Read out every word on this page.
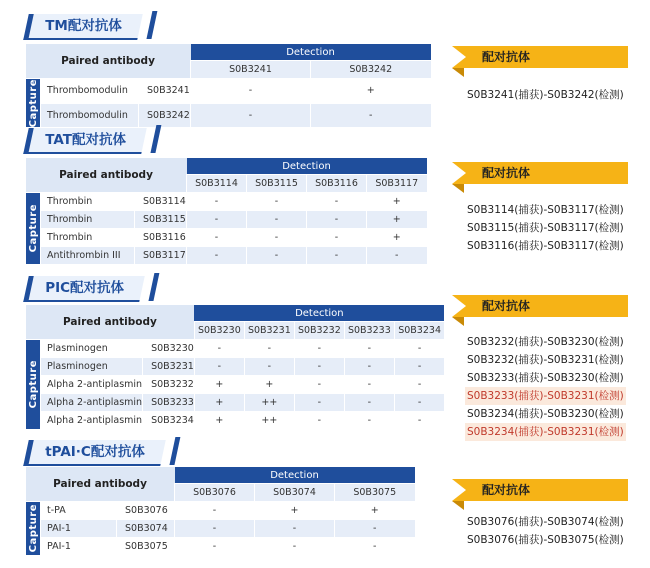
TM配对抗体
Paired antibody			Detection	
			S0B3241	S0B3242

Capture	Thrombomodulin	S0B3241	-	+
	Thrombomodulin	S0B3242	-	-
配对抗体
S0B3241(捕获)-S0B3242(检测)
TAT配对抗体
Paired antibody			Detection			
			S0B3114	S0B3115	S0B3116	S0B3117

Capture	Thrombin	S0B3114	-	-	-	+
	Thrombin	S0B3115	-	-	-	+
	Thrombin	S0B3116	-	-	-	+
	Antithrombin III	S0B3117	-	-	-	-
配对抗体
S0B3114(捕获)-S0B3117(检测)
S0B3115(捕获)-S0B3117(检测)
S0B3116(捕获)-S0B3117(检测)
PIC配对抗体
Paired antibody			Detection				
			S0B3230	S0B3231	S0B3232	S0B3233	S0B3234

Capture	Plasminogen	S0B3230	-	-	-	-	-
	Plasminogen	S0B3231	-	-	-	-	-
	Alpha 2-antiplasmin	S0B3232	+	+	-	-	-
	Alpha 2-antiplasmin	S0B3233	+	++	-	-	-
	Alpha 2-antiplasmin	S0B3234	+	++	-	-	-
配对抗体
S0B3232(捕获)-S0B3230(检测)
S0B3232(捕获)-S0B3231(检测)
S0B3233(捕获)-S0B3230(检测)
S0B3233(捕获)-S0B3231(检测)
S0B3234(捕获)-S0B3230(检测)
S0B3234(捕获)-S0B3231(检测)
tPAI·C配对抗体
Paired antibody			Detection		
			S0B3076	S0B3074	S0B3075

Capture	t-PA	S0B3076	-	+	+
	PAI-1	S0B3074	-	-	-
	PAI-1	S0B3075	-	-	-
配对抗体
S0B3076(捕获)-S0B3074(检测)
S0B3076(捕获)-S0B3075(检测)
